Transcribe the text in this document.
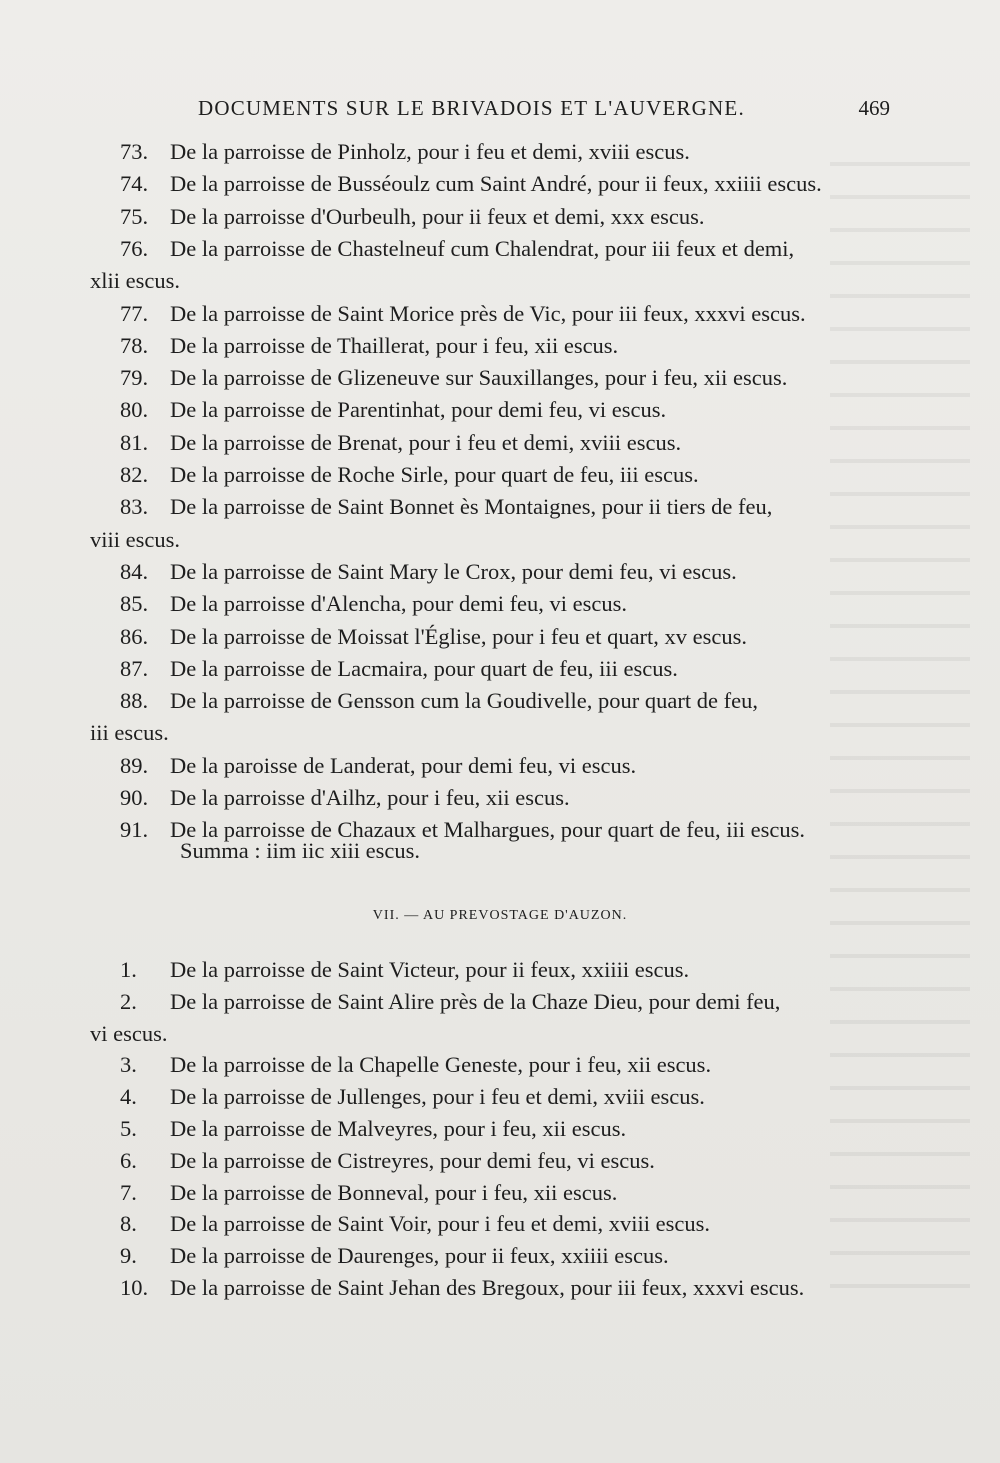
DOCUMENTS SUR LE BRIVADOIS ET L'AUVERGNE.	469
73. De la parroisse de Pinholz, pour i feu et demi, xviii escus.
74. De la parroisse de Busséoulz cum Saint André, pour ii feux, xxiiii escus.
75. De la parroisse d'Ourbeulh, pour ii feux et demi, xxx escus.
76. De la parroisse de Chastelneuf cum Chalendrat, pour iii feux et demi,
xlii escus.
77. De la parroisse de Saint Morice près de Vic, pour iii feux, xxxvi escus.
78. De la parroisse de Thaillerat, pour i feu, xii escus.
79. De la parroisse de Glizeneuve sur Sauxillanges, pour i feu, xii escus.
80. De la parroisse de Parentinhat, pour demi feu, vi escus.
81. De la parroisse de Brenat, pour i feu et demi, xviii escus.
82. De la parroisse de Roche Sirle, pour quart de feu, iii escus.
83. De la parroisse de Saint Bonnet ès Montaignes, pour ii tiers de feu,
viii escus.
84. De la parroisse de Saint Mary le Crox, pour demi feu, vi escus.
85. De la parroisse d'Alencha, pour demi feu, vi escus.
86. De la parroisse de Moissat l'Église, pour i feu et quart, xv escus.
87. De la parroisse de Lacmaira, pour quart de feu, iii escus.
88. De la parroisse de Gensson cum la Goudivelle, pour quart de feu,
iii escus.
89. De la paroisse de Landerat, pour demi feu, vi escus.
90. De la parroisse d'Ailhz, pour i feu, xii escus.
91. De la parroisse de Chazaux et Malhargues, pour quart de feu, iii escus.
Summa : iim iic xiii escus.
VII. — AU PREVOSTAGE D'AUZON.
1. De la parroisse de Saint Victeur, pour ii feux, xxiiii escus.
2. De la parroisse de Saint Alire près de la Chaze Dieu, pour demi feu,
vi escus.
3. De la parroisse de la Chapelle Geneste, pour i feu, xii escus.
4. De la parroisse de Jullenges, pour i feu et demi, xviii escus.
5. De la parroisse de Malveyres, pour i feu, xii escus.
6. De la parroisse de Cistreyres, pour demi feu, vi escus.
7. De la parroisse de Bonneval, pour i feu, xii escus.
8. De la parroisse de Saint Voir, pour i feu et demi, xviii escus.
9. De la parroisse de Daurenges, pour ii feux, xxiiii escus.
10. De la parroisse de Saint Jehan des Bregoux, pour iii feux, xxxvi escus.
